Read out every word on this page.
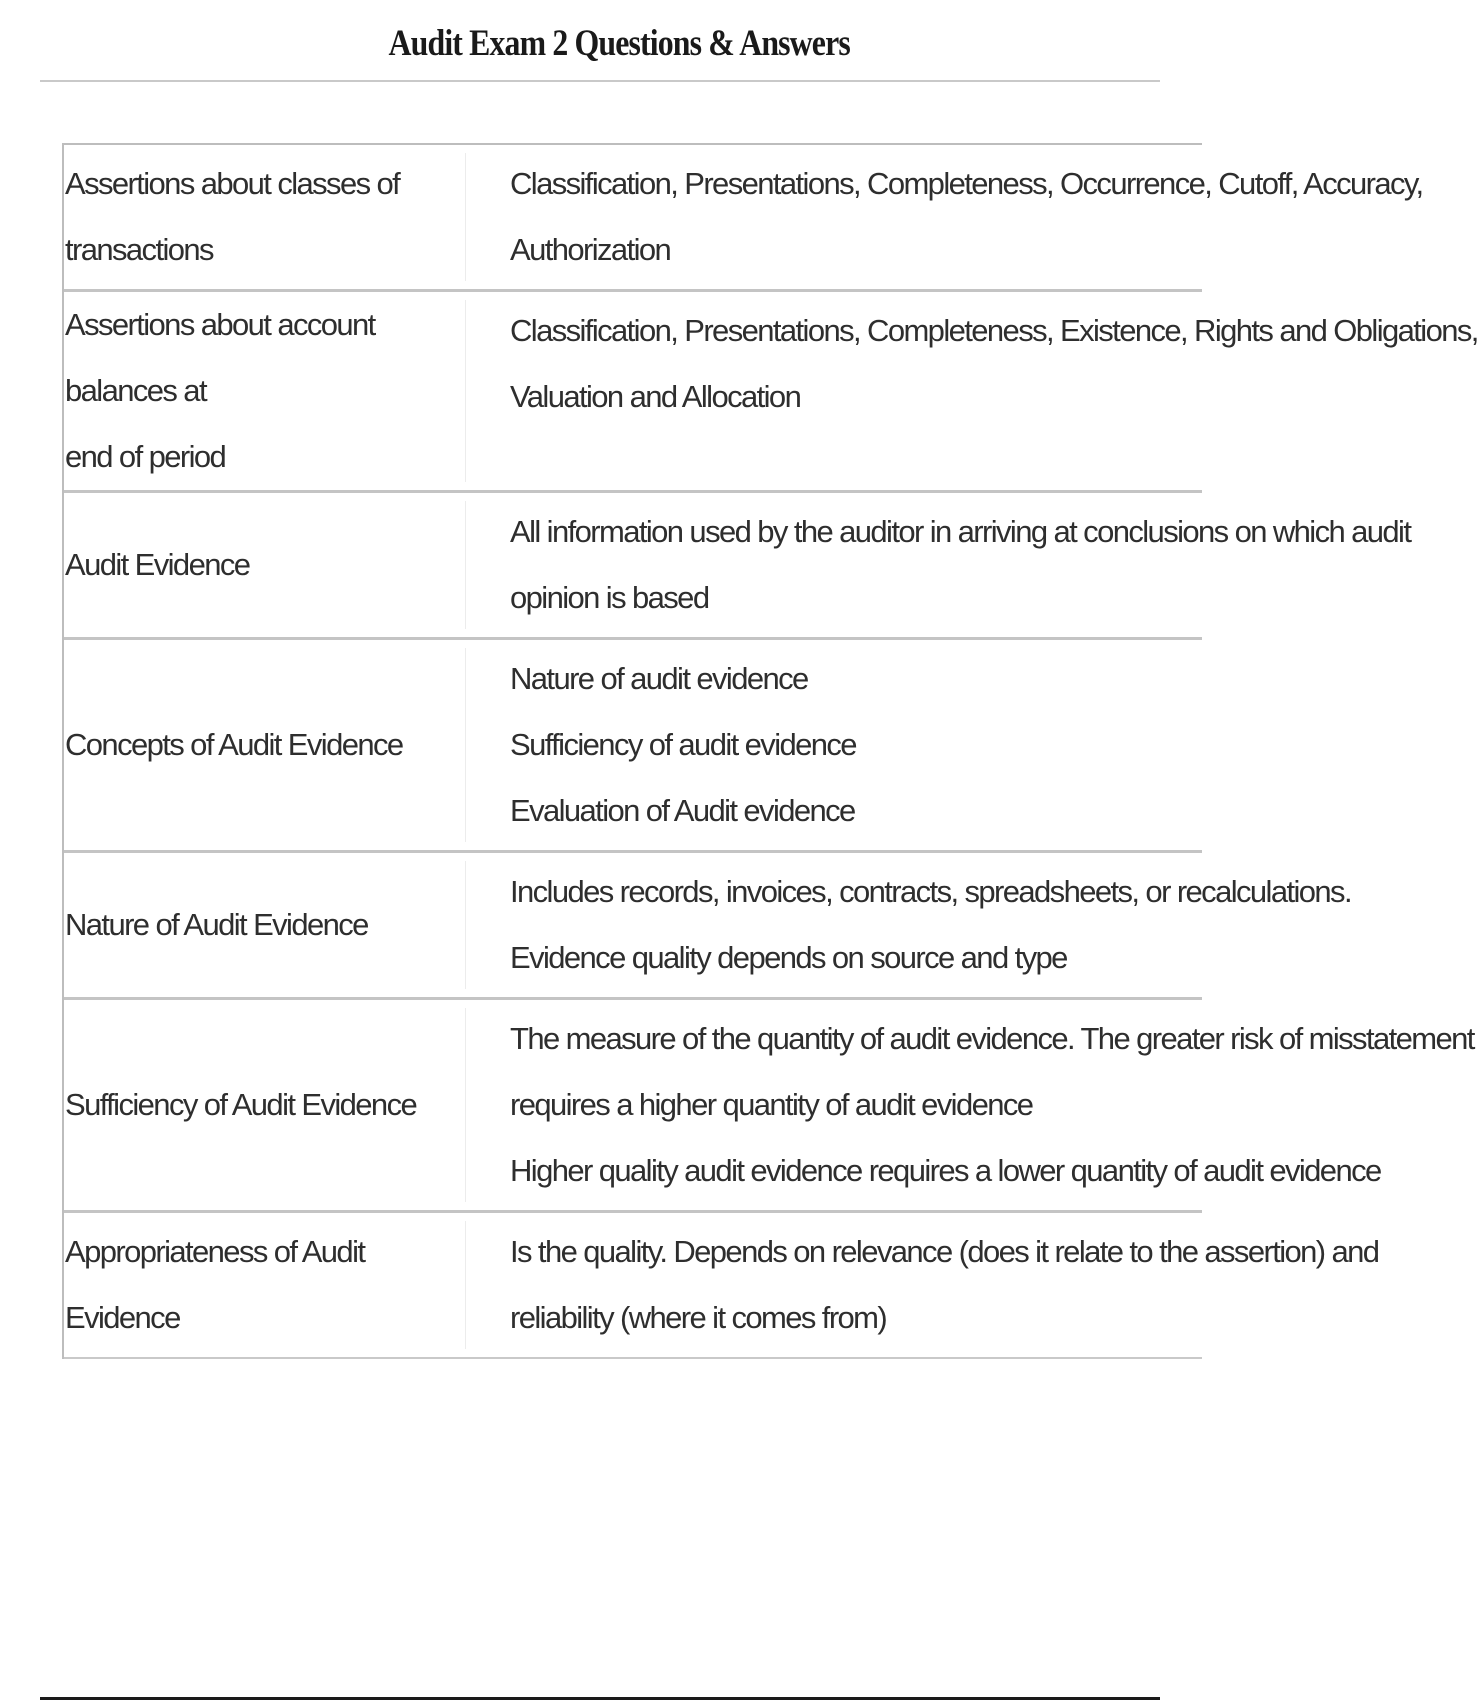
Audit Exam 2 Questions & Answers
Assertions about classes of transactions
Classification, Presentations, Completeness, Occurrence, Cutoff, Accuracy,
Authorization
Assertions about account balances at
end of period
Classification, Presentations, Completeness, Existence, Rights and Obligations,
Valuation and Allocation
Audit Evidence
All information used by the auditor in arriving at conclusions on which audit
opinion is based
Concepts of Audit Evidence
Nature of audit evidence
Sufficiency of audit evidence
Evaluation of Audit evidence
Nature of Audit Evidence
Includes records, invoices, contracts, spreadsheets, or recalculations.
Evidence quality depends on source and type
Sufficiency of Audit Evidence
The measure of the quantity of audit evidence. The greater risk of misstatement
requires a higher quantity of audit evidence
Higher quality audit evidence requires a lower quantity of audit evidence
Appropriateness of Audit Evidence
Is the quality. Depends on relevance (does it relate to the assertion) and
reliability (where it comes from)
